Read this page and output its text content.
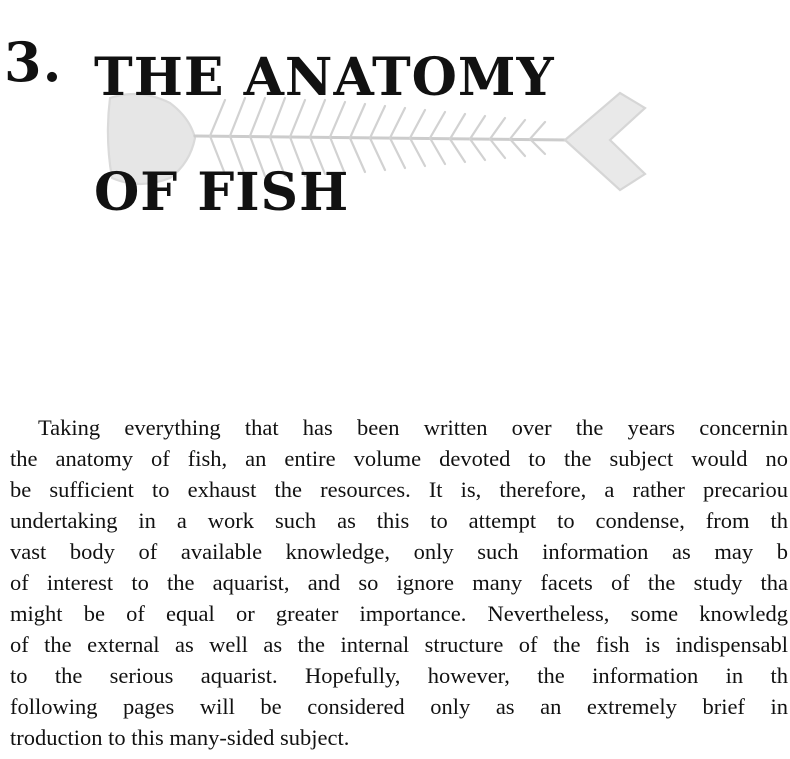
3. THE ANATOMY
OF FISH

Taking everything that has been written over the years concernin
the anatomy of fish, an entire volume devoted to the subject would no
be sufficient to exhaust the resources. It is, therefore, a rather precariou
undertaking in a work such as this to attempt to condense, from th
vast body of available knowledge, only such information as may b
of interest to the aquarist, and so ignore many facets of the study tha
might be of equal or greater importance. Nevertheless, some knowledg
of the external as well as the internal structure of the fish is indispensabl
to the serious aquarist. Hopefully, however, the information in th
following pages will be considered only as an extremely brief in
troduction to this many-sided subject.
